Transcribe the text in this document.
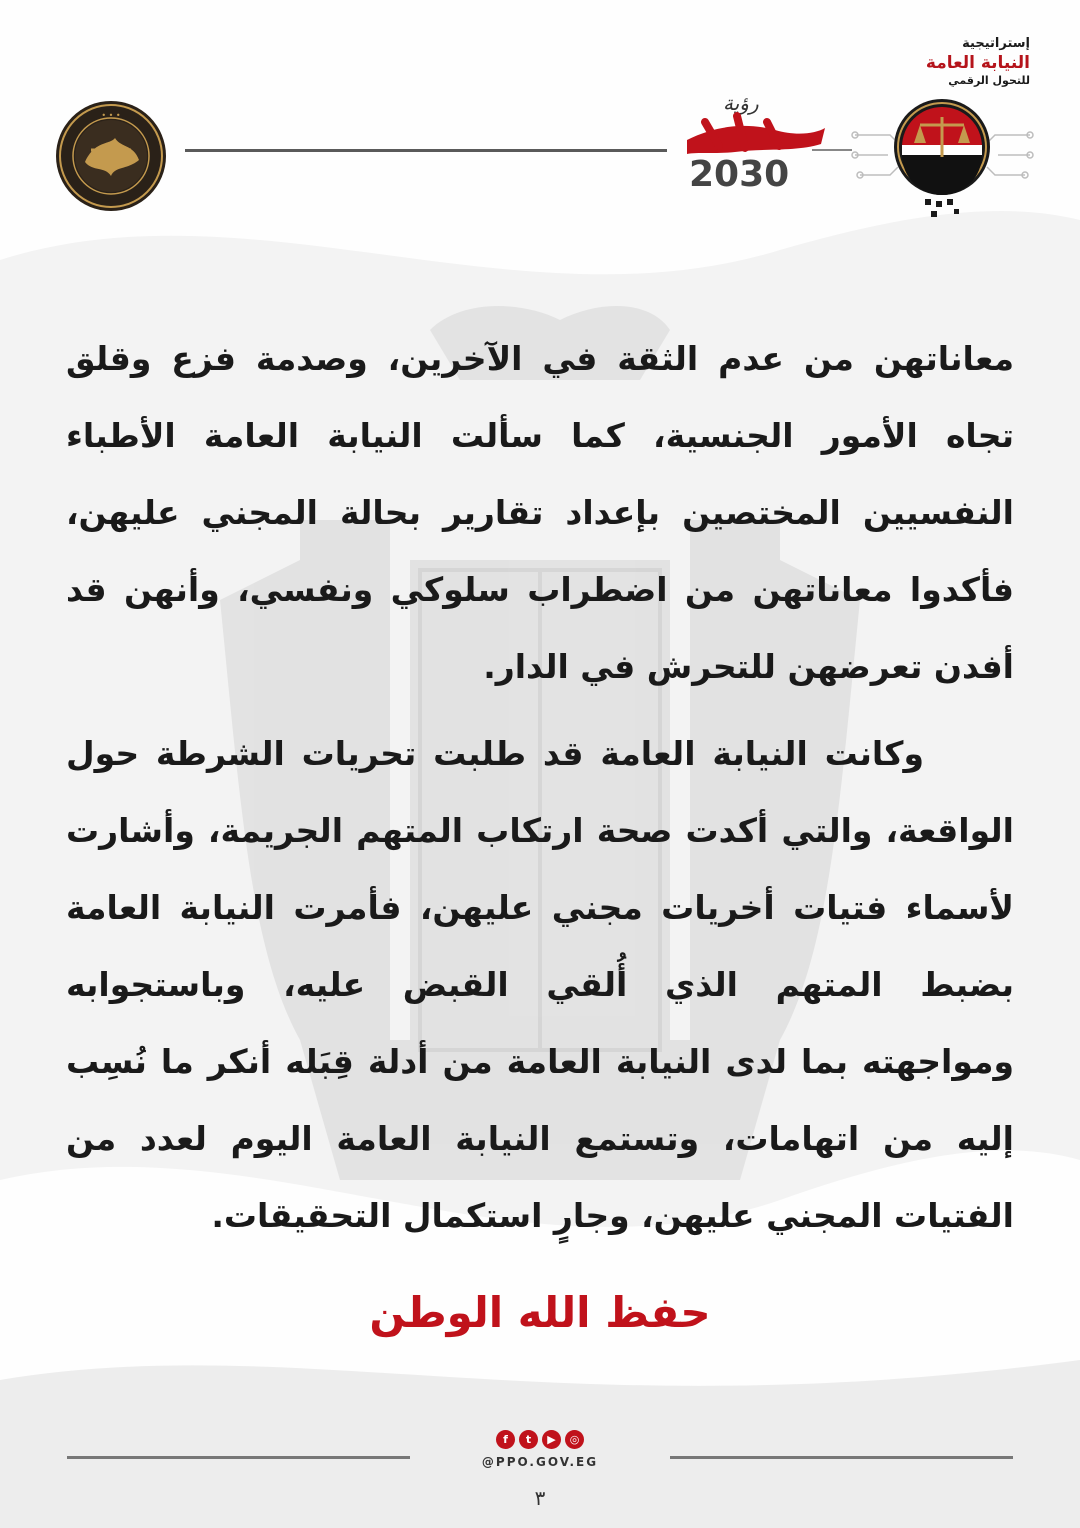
• • •
رؤية
2030
إستراتيجية
النيابة العامة
للتحول الرقمي

معاناتهن من عدم الثقة في الآخرين، وصدمة فزع وقلق تجاه الأمور الجنسية، كما سألت النيابة العامة الأطباء النفسيين المختصين بإعداد تقارير بحالة المجني عليهن، فأكدوا معاناتهن من اضطراب سلوكي ونفسي، وأنهن قد أفدن تعرضهن للتحرش في الدار.

وكانت النيابة العامة قد طلبت تحريات الشرطة حول الواقعة، والتي أكدت صحة ارتكاب المتهم الجريمة، وأشارت لأسماء فتيات أخريات مجني عليهن، فأمرت النيابة العامة بضبط المتهم الذي أُلقي القبض عليه، وباستجوابه ومواجهته بما لدى النيابة العامة من أدلة قِبَله أنكر ما نُسِب إليه من اتهامات، وتستمع النيابة العامة اليوم لعدد من الفتيات المجني عليهن، وجارٍ استكمال التحقيقات.

حفظ الله الوطن
f	t	▶	◎
@PPO.GOV.EG
٣
